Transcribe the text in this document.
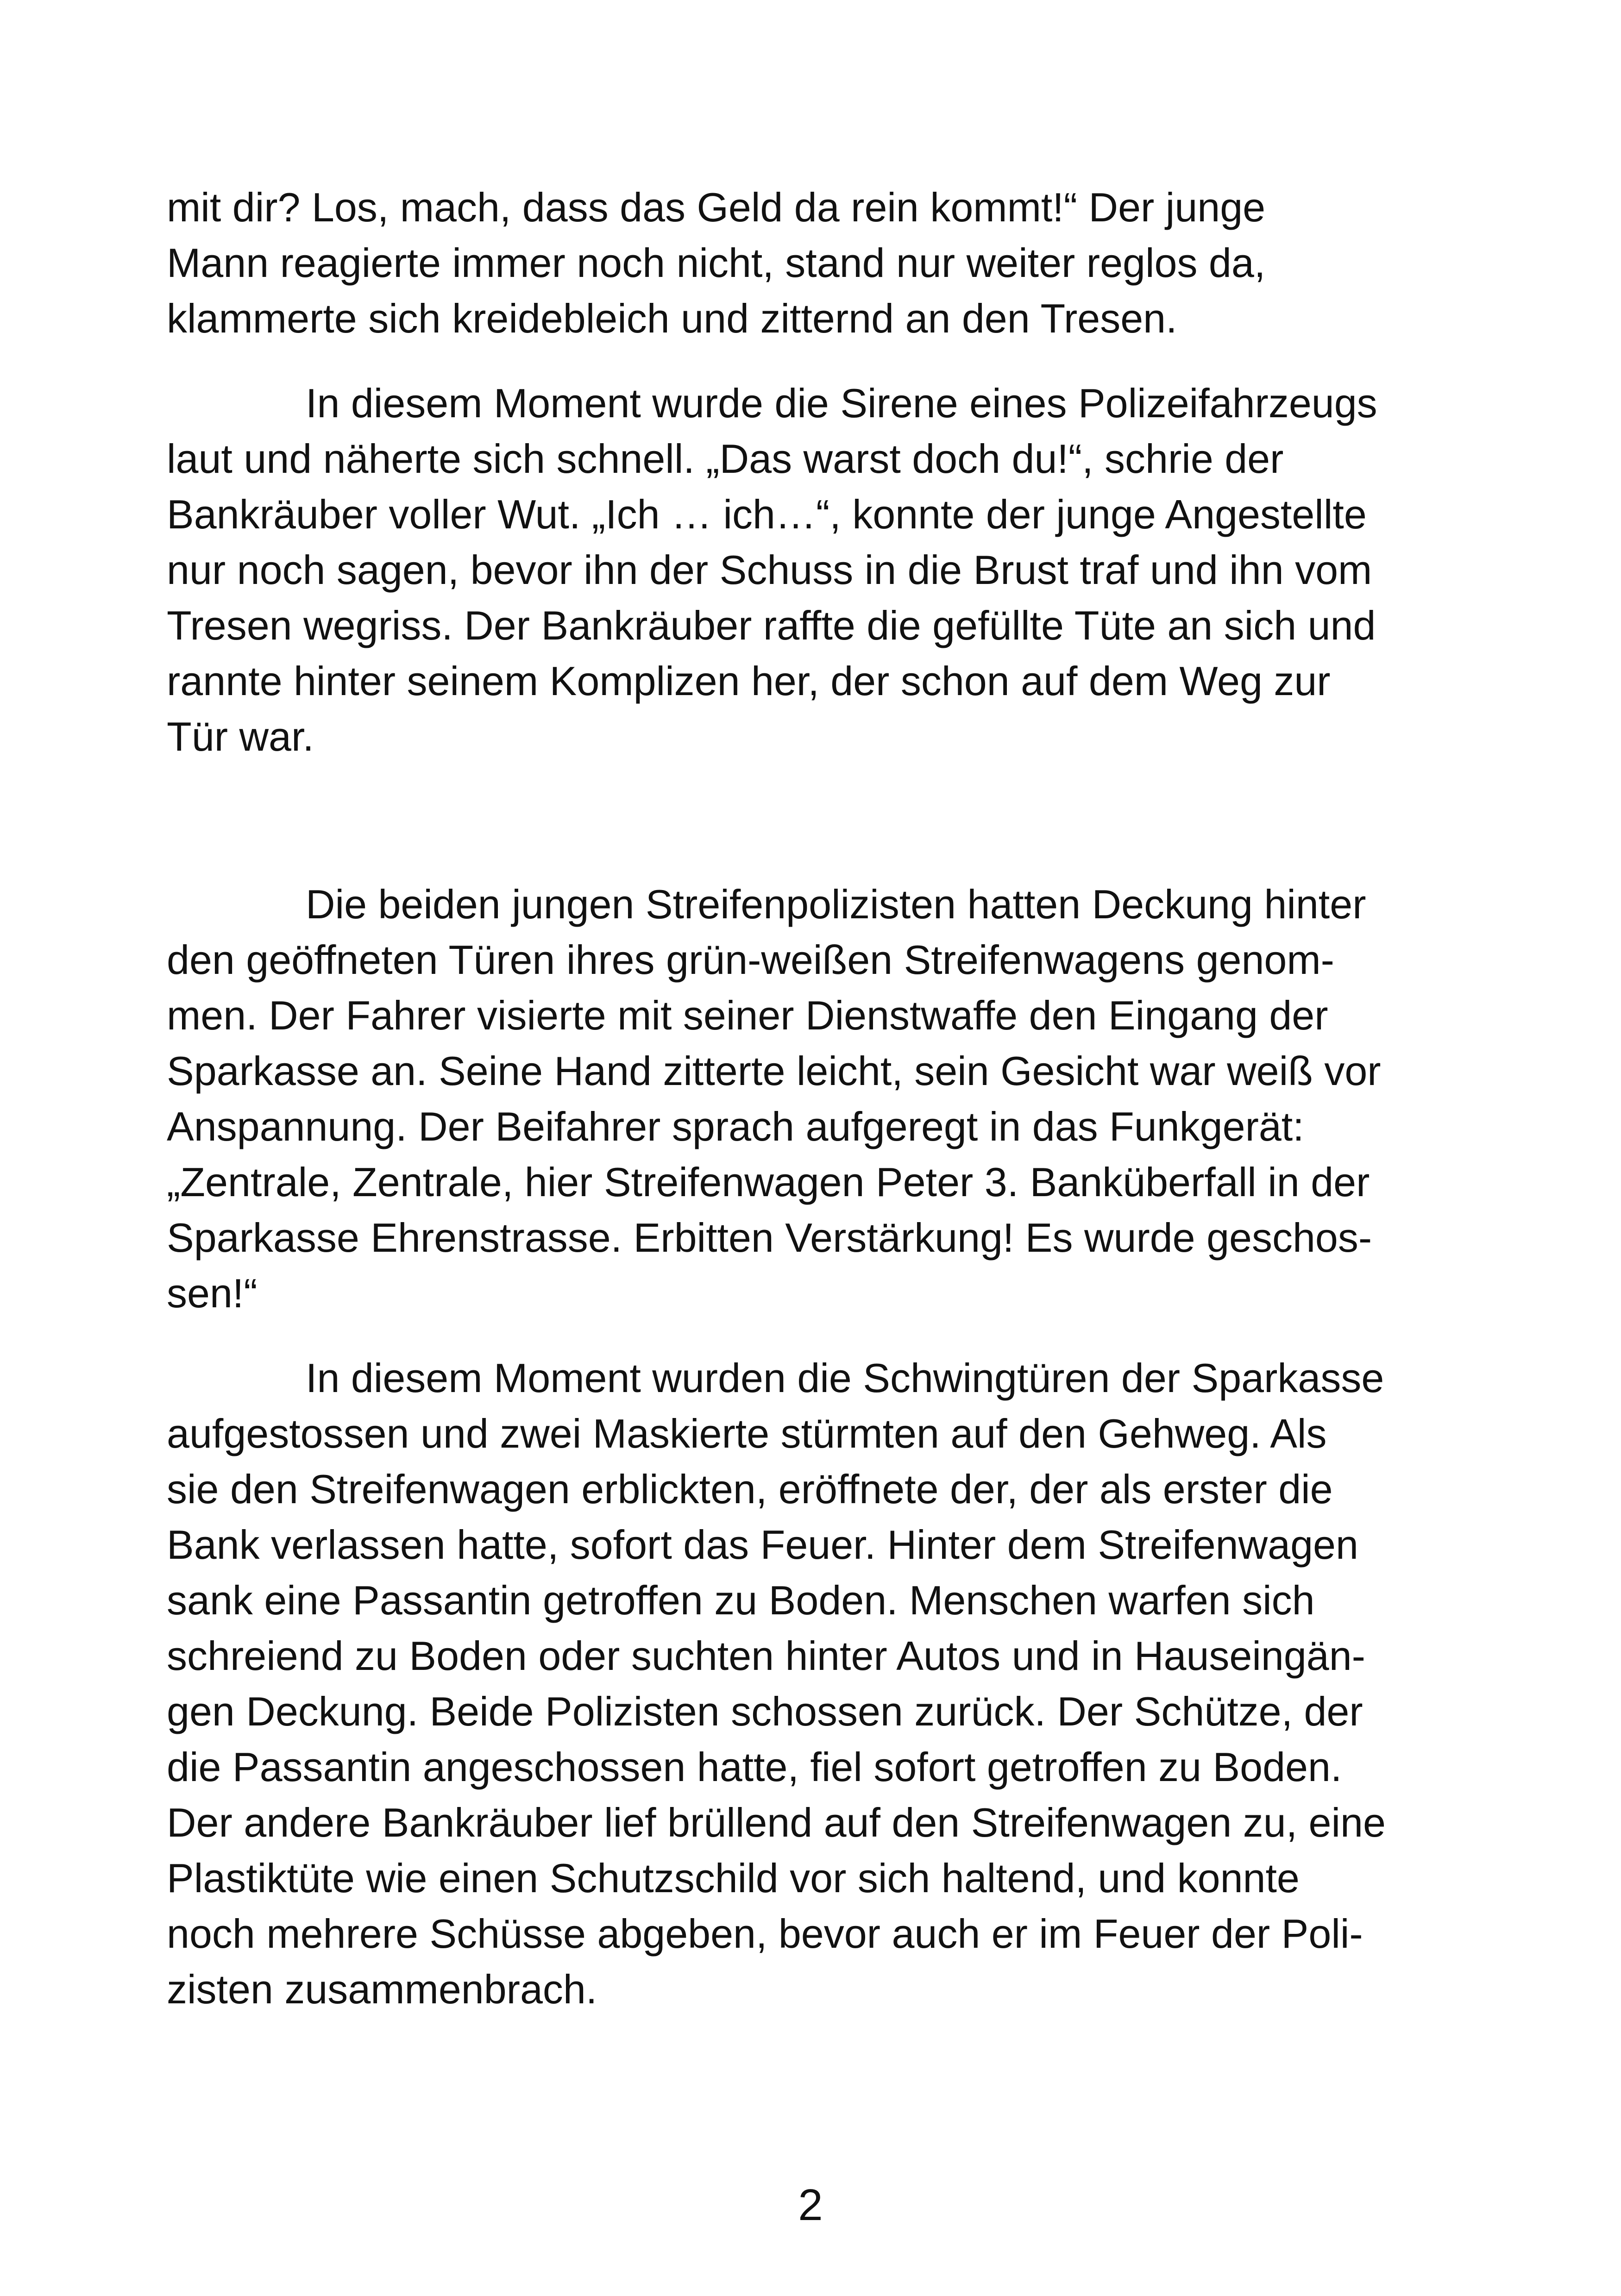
mit dir? Los, mach, dass das Geld da rein kommt!“ Der junge
Mann reagierte immer noch nicht, stand nur weiter reglos da,
klammerte sich kreidebleich und zitternd an den Tresen.
In diesem Moment wurde die Sirene eines Polizeifahrzeugs
laut und näherte sich schnell. „Das warst doch du!“, schrie der
Bankräuber voller Wut. „Ich … ich…“, konnte der junge Angestellte
nur noch sagen, bevor ihn der Schuss in die Brust traf und ihn vom
Tresen wegriss. Der Bankräuber raffte die gefüllte Tüte an sich und
rannte hinter seinem Komplizen her, der schon auf dem Weg zur
Tür war.
Die beiden jungen Streifenpolizisten hatten Deckung hinter
den geöffneten Türen ihres grün-weißen Streifenwagens genom-
men. Der Fahrer visierte mit seiner Dienstwaffe den Eingang der
Sparkasse an. Seine Hand zitterte leicht, sein Gesicht war weiß vor
Anspannung. Der Beifahrer sprach aufgeregt in das Funkgerät:
„Zentrale, Zentrale, hier Streifenwagen Peter 3. Banküberfall in der
Sparkasse Ehrenstrasse. Erbitten Verstärkung! Es wurde geschos-
sen!“
In diesem Moment wurden die Schwingtüren der Sparkasse
aufgestossen und zwei Maskierte stürmten auf den Gehweg. Als
sie den Streifenwagen erblickten, eröffnete der, der als erster die
Bank verlassen hatte, sofort das Feuer. Hinter dem Streifenwagen
sank eine Passantin getroffen zu Boden. Menschen warfen sich
schreiend zu Boden oder suchten hinter Autos und in Hauseingän-
gen Deckung. Beide Polizisten schossen zurück. Der Schütze, der
die Passantin angeschossen hatte, fiel sofort getroffen zu Boden.
Der andere Bankräuber lief brüllend auf den Streifenwagen zu, eine
Plastiktüte wie einen Schutzschild vor sich haltend, und konnte
noch mehrere Schüsse abgeben, bevor auch er im Feuer der Poli-
zisten zusammenbrach.
2
